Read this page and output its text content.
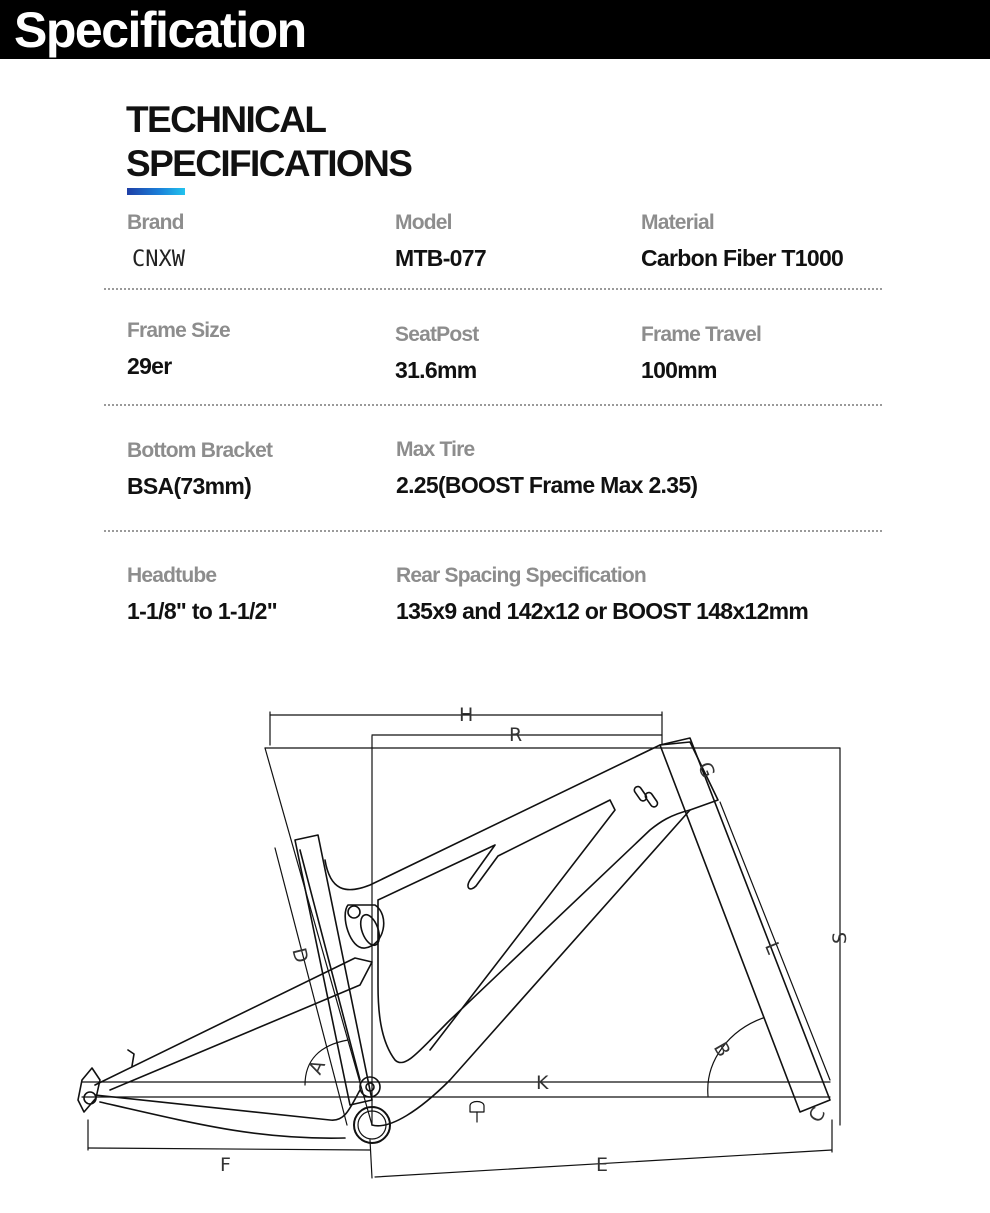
Specification
TECHNICAL
SPECIFICATIONS
Brand
CNXW
Model
MTB-077
Material
Carbon Fiber T1000
Frame Size
29er
SeatPost
31.6mm
Frame Travel
100mm
Bottom Bracket
BSA(73mm)
Max Tire
2.25(BOOST Frame Max 2.35)
Headtube
1-1/8" to 1-1/2"
Rear Spacing Specification
135x9 and 142x12 or BOOST 148x12mm
H
R
G
S
L
B
K
A
D
C
F	E
